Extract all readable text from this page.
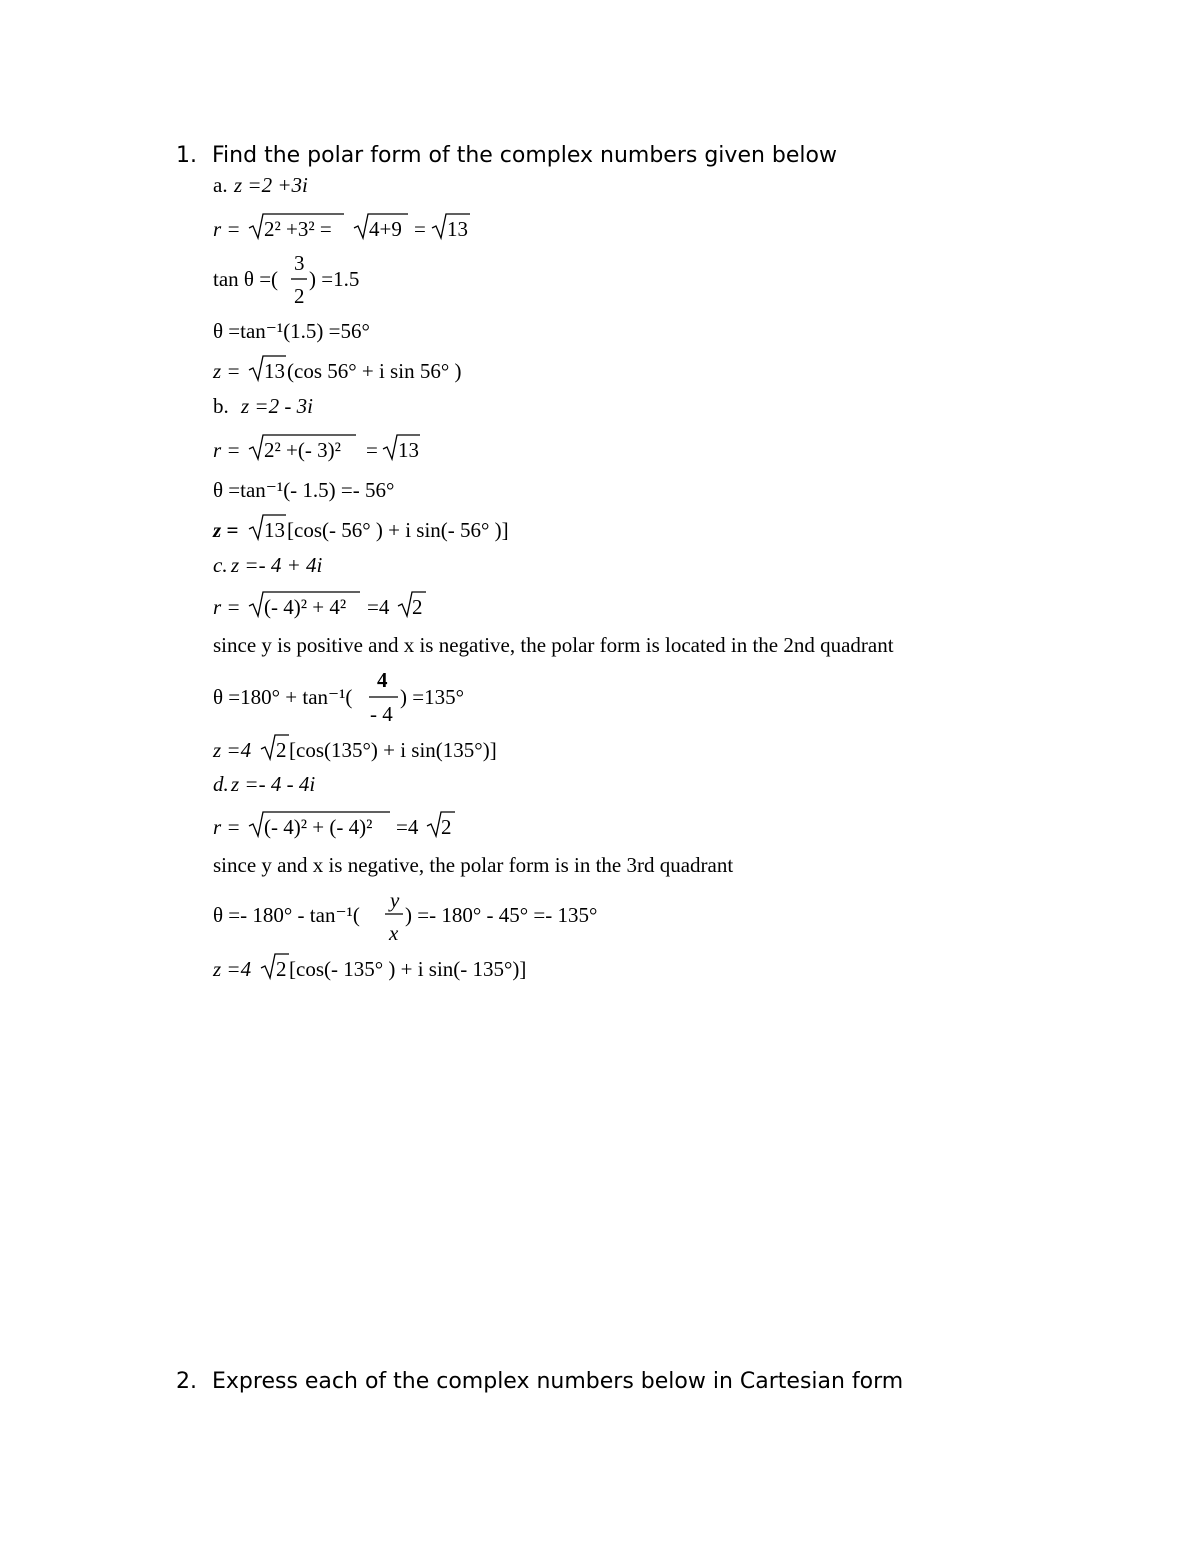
1. Find the polar form of the complex numbers given below
a. z =2 +3i
r = 2² +3² = 4+9 = 13
tan θ =(
3
2
) =1.5
θ =tan⁻¹(1.5) =56°
z = 13 (cos 56° + i sin 56° )
b. z =2 - 3i
r = 2² +(- 3)² = 13
θ =tan⁻¹(- 1.5) =- 56°
z = 13 [cos(- 56° ) + i sin(- 56° )]
c. z =- 4 + 4i
r = (- 4)² + 4² =4 2
since y is positive and x is negative, the polar form is located in the 2nd quadrant
θ =180° + tan⁻¹(
4
- 4
) =135°
z =4 2 [cos(135°) + i sin(135°)]
d. z =- 4 - 4i
r = (- 4)² + (- 4)² =4 2
since y and x is negative, the polar form is in the 3rd quadrant
θ =- 180° - tan⁻¹(
y
x
) =- 180° - 45° =- 135°
z =4 2 [cos(- 135° ) + i sin(- 135°)]
2. Express each of the complex numbers below in Cartesian form
